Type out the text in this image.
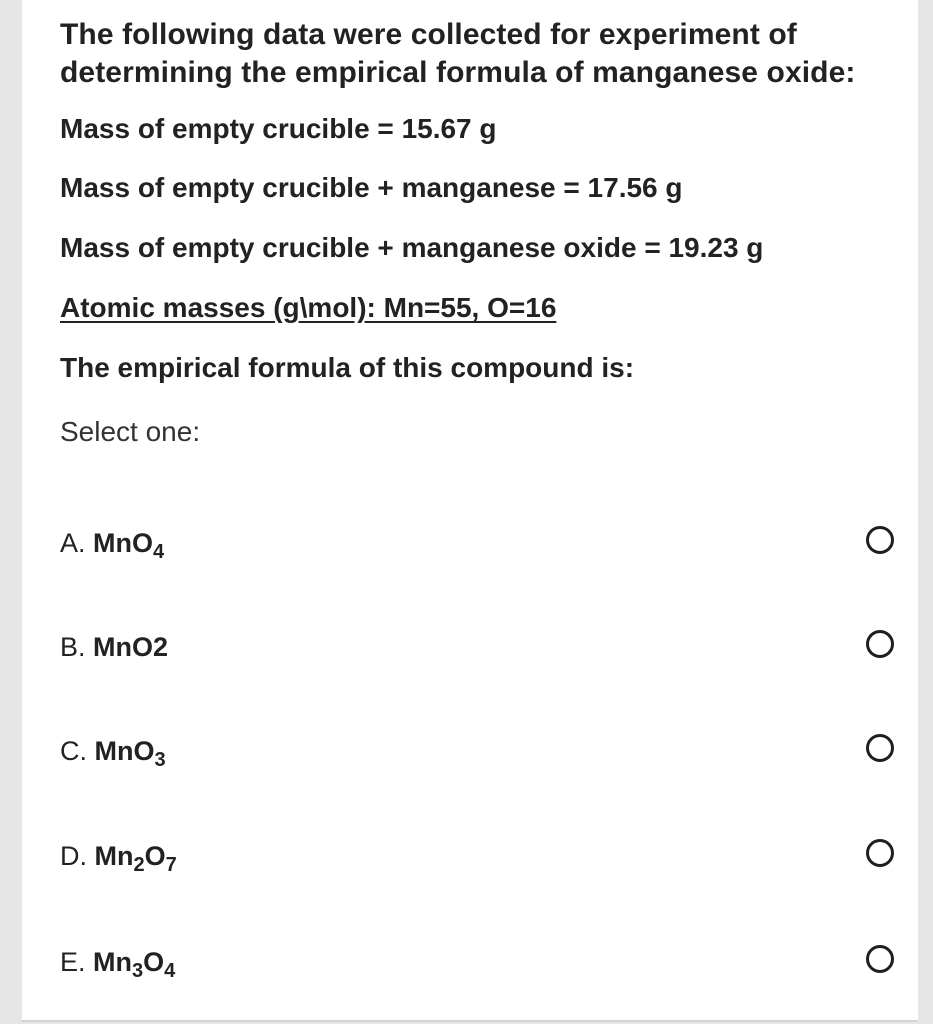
The following data were collected for experiment of
determining the empirical formula of manganese oxide:

Mass of empty crucible = 15.67 g
Mass of empty crucible + manganese = 17.56 g
Mass of empty crucible + manganese oxide = 19.23 g
Atomic masses (g\mol): Mn=55, O=16
The empirical formula of this compound is:
Select one:
A. MnO$_4$
B. MnO2
C. MnO$_3$
D. $Mn_2O_7$
E. $Mn_3O_4$
